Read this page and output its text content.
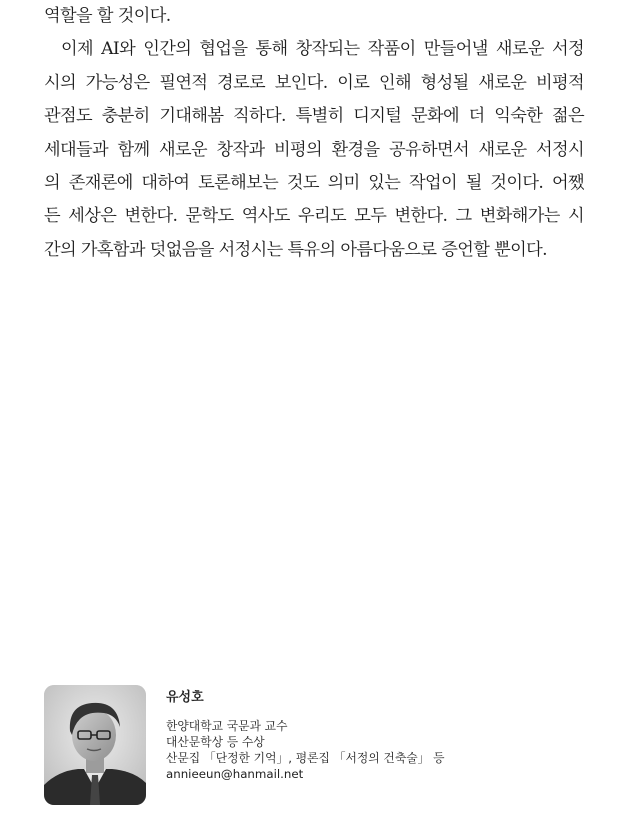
역할을 할 것이다.
이제 AI와 인간의 협업을 통해 창작되는 작품이 만들어낼 새로운 서정
시의 가능성은 필연적 경로로 보인다. 이로 인해 형성될 새로운 비평적
관점도 충분히 기대해봄 직하다. 특별히 디지털 문화에 더 익숙한 젊은
세대들과 함께 새로운 창작과 비평의 환경을 공유하면서 새로운 서정시
의 존재론에 대하여 토론해보는 것도 의미 있는 작업이 될 것이다. 어쨌
든 세상은 변한다. 문학도 역사도 우리도 모두 변한다. 그 변화해가는 시
간의 가혹함과 덧없음을 서정시는 특유의 아름다움으로 증언할 뿐이다.
유성호
한양대학교 국문과 교수
대산문학상 등 수상
산문집 「단정한 기억」, 평론집 「서정의 건축술」 등
annieeun@hanmail.net
